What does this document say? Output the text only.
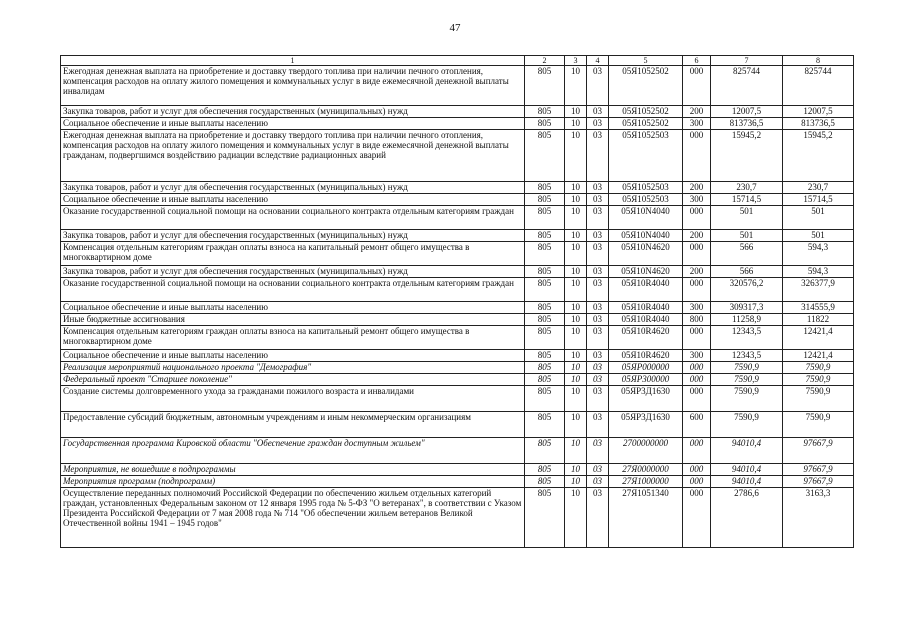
47
1	2	3	4	5	6	7	8
Ежегодная денежная выплата на приобретение и доставку твердого топлива при наличии печного отопления, компенсация расходов на оплату жилого помещения и коммунальных услуг в виде ежемесячной денежной выплаты инвалидам	805	10	03	05Я1052502	000	825744	825744
Закупка товаров, работ и услуг для обеспечения государственных (муниципальных) нужд	805	10	03	05Я1052502	200	12007,5	12007,5
Социальное обеспечение и иные выплаты населению	805	10	03	05Я1052502	300	813736,5	813736,5
Ежегодная денежная выплата на приобретение и доставку твердого топлива при наличии печного отопления, компенсация расходов на оплату жилого помещения и коммунальных услуг в виде ежемесячной денежной выплаты гражданам, подвергшимся воздействию радиации вследствие радиационных аварий	805	10	03	05Я1052503	000	15945,2	15945,2
Закупка товаров, работ и услуг для обеспечения государственных (муниципальных) нужд	805	10	03	05Я1052503	200	230,7	230,7
Социальное обеспечение и иные выплаты населению	805	10	03	05Я1052503	300	15714,5	15714,5
Оказание государственной социальной помощи на основании социального контракта отдельным категориям граждан	805	10	03	05Я10N4040	000	501	501
Закупка товаров, работ и услуг для обеспечения государственных (муниципальных) нужд	805	10	03	05Я10N4040	200	501	501
Компенсация отдельным категориям граждан оплаты взноса на капитальный ремонт общего имущества в многоквартирном доме	805	10	03	05Я10N4620	000	566	594,3
Закупка товаров, работ и услуг для обеспечения государственных (муниципальных) нужд	805	10	03	05Я10N4620	200	566	594,3
Оказание государственной социальной помощи на основании социального контракта отдельным категориям граждан	805	10	03	05Я10R4040	000	320576,2	326377,9
Социальное обеспечение и иные выплаты населению	805	10	03	05Я10R4040	300	309317,3	314555,9
Иные бюджетные ассигнования	805	10	03	05Я10R4040	800	11258,9	11822
Компенсация отдельным категориям граждан оплаты взноса на капитальный ремонт общего имущества в многоквартирном доме	805	10	03	05Я10R4620	000	12343,5	12421,4
Социальное обеспечение и иные выплаты населению	805	10	03	05Я10R4620	300	12343,5	12421,4
Реализация мероприятий национального проекта "Демография"	805	10	03	05ЯР000000	000	7590,9	7590,9
Федеральный проект "Старшее поколение"	805	10	03	05ЯР300000	000	7590,9	7590,9
Создание системы долговременного ухода за гражданами пожилого возраста и инвалидами	805	10	03	05ЯР3Д1630	000	7590,9	7590,9
Предоставление субсидий бюджетным, автономным учреждениям и иным некоммерческим организациям	805	10	03	05ЯР3Д1630	600	7590,9	7590,9
Государственная программа Кировской области "Обеспечение граждан доступным жильем"	805	10	03	2700000000	000	94010,4	97667,9
Мероприятия, не вошедшие в подпрограммы	805	10	03	27Я0000000	000	94010,4	97667,9
Мероприятия программ (подпрограмм)	805	10	03	27Я1000000	000	94010,4	97667,9
Осуществление переданных полномочий Российской Федерации по обеспечению жильем отдельных категорий граждан, установленных Федеральным законом от 12 января 1995 года № 5-ФЗ "О ветеранах", в соответствии с Указом Президента Российской Федерации от 7 мая 2008 года № 714 "Об обеспечении жильем ветеранов Великой Отечественной войны 1941 – 1945 годов"	805	10	03	27Я1051340	000	2786,6	3163,3
